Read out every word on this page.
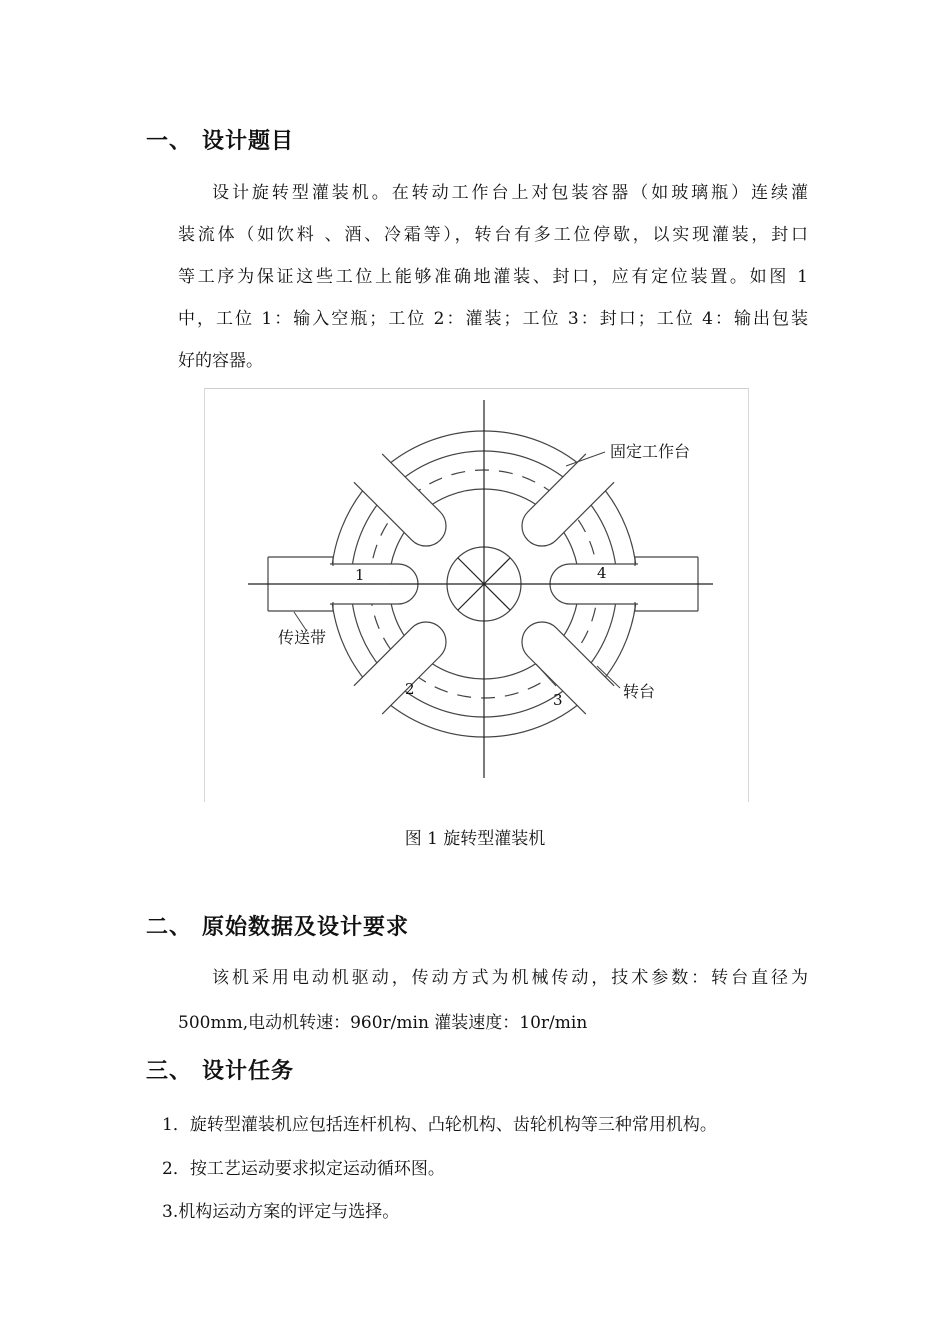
一、 设计题目

设计旋转型灌装机。在转动工作台上对包装容器（如玻璃瓶）连续灌

装流体（如饮料 、酒、冷霜等），转台有多工位停歇，以实现灌装，封口

等工序为保证这些工位上能够准确地灌装、封口，应有定位装置。如图 1

中，工位 1：输入空瓶；工位 2：灌装；工位 3：封口；工位 4：输出包装

好的容器。

固定工作台
传送带
转台
1	4
2
3
图 1 旋转型灌装机
二、 原始数据及设计要求

该机采用电动机驱动，传动方式为机械传动，技术参数：转台直径为

500mm,电动机转速：960r/min 灌装速度：10r/min

三、 设计任务
1．旋转型灌装机应包括连杆机构、凸轮机构、齿轮机构等三种常用机构。
2．按工艺运动要求拟定运动循环图。
3.机构运动方案的评定与选择。
